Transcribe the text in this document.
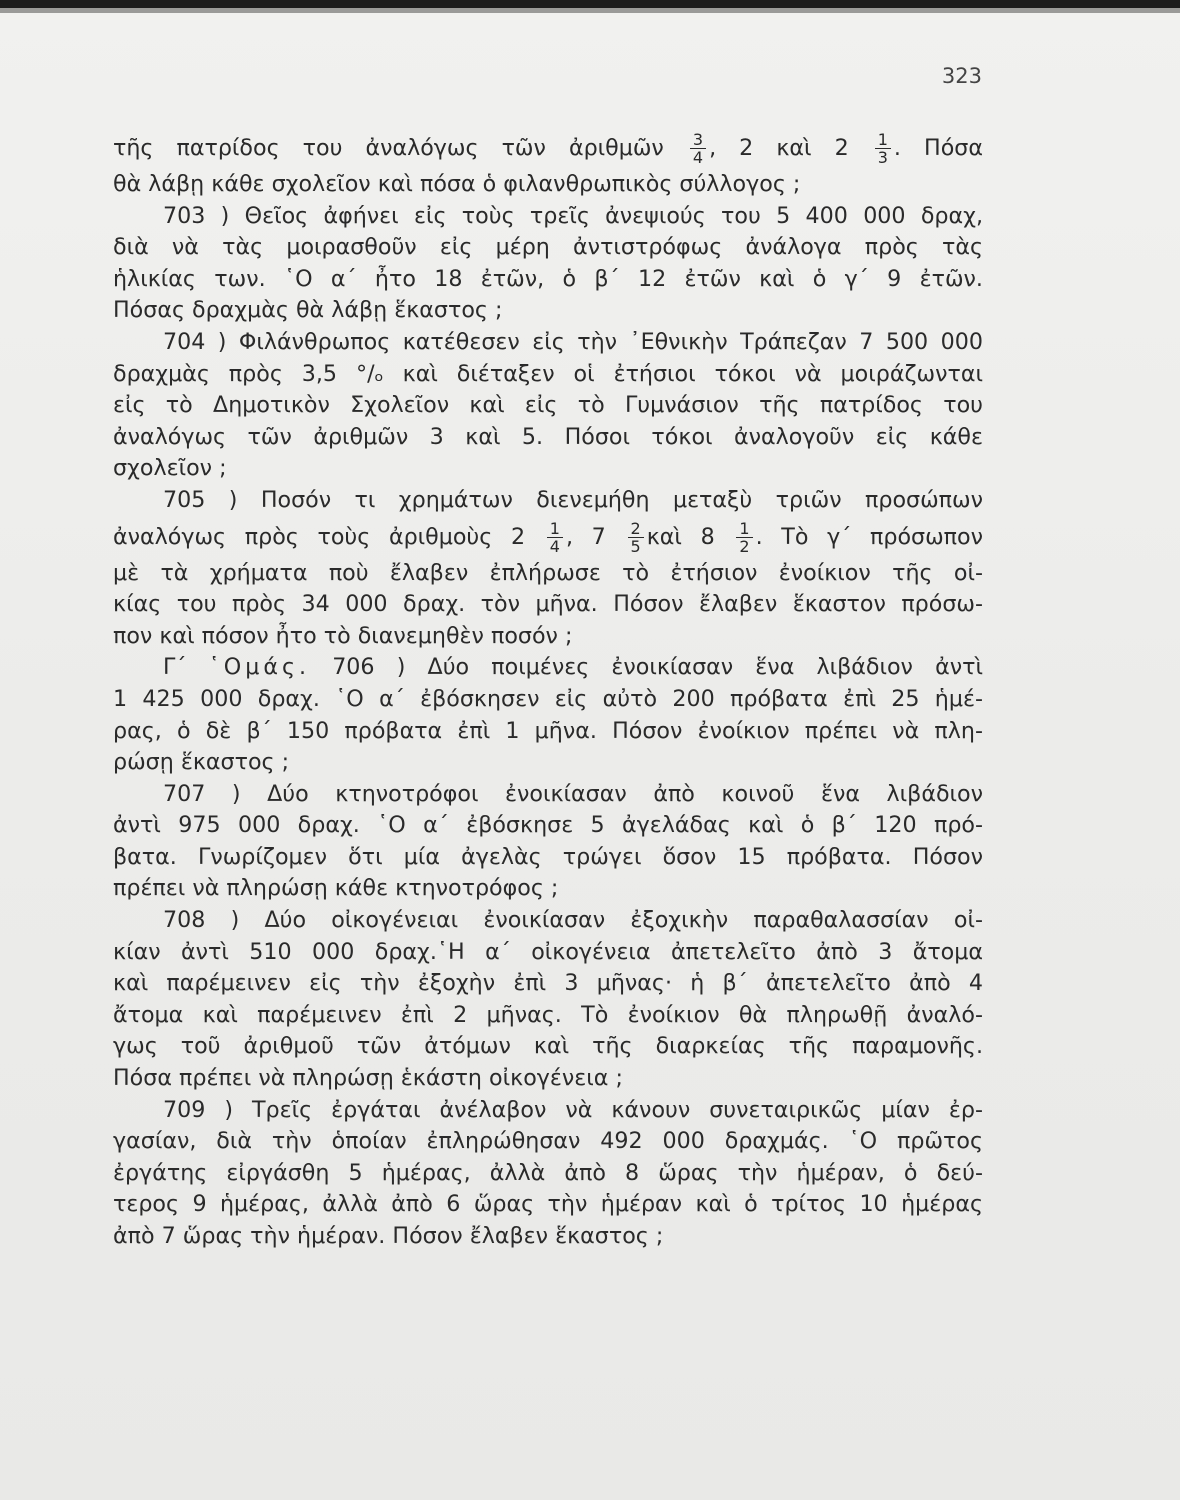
323
τῆς πατρίδος του ἀναλόγως τῶν ἀριθμῶν $\frac{3}{4}$ , 2 καὶ $2 \frac{1}{3}$ . Πόσα
θὰ λάβῃ κάθε σχολεῖον καὶ πόσα ὁ φιλανθρωπικὸς σύλλογος ;
703 ) Θεῖος ἀφήνει εἰς τοὺς τρεῖς ἀνεψιούς του 5 400 000 δραχ,
διὰ νὰ τὰς μοιρασθοῦν εἰς μέρη ἀντιστρόφως ἀνάλογα πρὸς τὰς
ἡλικίας των. ῾Ο α΄ ἦτο 18 ἐτῶν, ὁ β΄ 12 ἐτῶν καὶ ὁ γ΄ 9 ἐτῶν.
Πόσας δραχμὰς θὰ λάβῃ ἕκαστος ;
704 ) Φιλάνθρωπος κατέθεσεν εἰς τὴν ᾿Εθνικὴν Τράπεζαν 7 500 000
δραχμὰς πρὸς 3,5 °/ₒ καὶ διέταξεν οἱ ἐτήσιοι τόκοι νὰ μοιράζωνται
εἰς τὸ Δημοτικὸν Σχολεῖον καὶ εἰς τὸ Γυμνάσιον τῆς πατρίδος του
ἀναλόγως τῶν ἀριθμῶν 3 καὶ 5. Πόσοι τόκοι ἀναλογοῦν εἰς κάθε
σχολεῖον ;
705 ) Ποσόν τι χρημάτων διενεμήθη μεταξὺ τριῶν προσώπων
ἀναλόγως πρὸς τοὺς ἀριθμοὺς $2 \frac{1}{4}$ , $7 \frac{2}{5}$ καὶ $8 \frac{1}{2}$ . Τὸ γ΄ πρόσωπον
μὲ τὰ χρήματα ποὺ ἔλαβεν ἐπλήρωσε τὸ ἐτήσιον ἐνοίκιον τῆς οἰ-
κίας του πρὸς 34 000 δραχ. τὸν μῆνα. Πόσον ἔλαβεν ἕκαστον πρόσω-
πον καὶ πόσον ἦτο τὸ διανεμηθὲν ποσόν ;
Γ΄ ῾Ομάς. 706 ) Δύο ποιμένες ἐνοικίασαν ἕνα λιβάδιον ἀντὶ
1 425 000 δραχ. ῾Ο α΄ ἐβόσκησεν εἰς αὐτὸ 200 πρόβατα ἐπὶ 25 ἡμέ-
ρας, ὁ δὲ β΄ 150 πρόβατα ἐπὶ 1 μῆνα. Πόσον ἐνοίκιον πρέπει νὰ πλη-
ρώσῃ ἕκαστος ;
707 ) Δύο κτηνοτρόφοι ἐνοικίασαν ἀπὸ κοινοῦ ἕνα λιβάδιον
ἀντὶ 975 000 δραχ. ῾Ο α΄ ἐβόσκησε 5 ἀγελάδας καὶ ὁ β΄ 120 πρό-
βατα. Γνωρίζομεν ὅτι μία ἀγελὰς τρώγει ὅσον 15 πρόβατα. Πόσον
πρέπει νὰ πληρώσῃ κάθε κτηνοτρόφος ;
708 ) Δύο οἰκογένειαι ἐνοικίασαν ἐξοχικὴν παραθαλασσίαν οἰ-
κίαν ἀντὶ 510 000 δραχ.῾Η α΄ οἰκογένεια ἀπετελεῖτο ἀπὸ 3 ἄτομα
καὶ παρέμεινεν εἰς τὴν ἐξοχὴν ἐπὶ 3 μῆνας· ἡ β΄ ἀπετελεῖτο ἀπὸ 4
ἄτομα καὶ παρέμεινεν ἐπὶ 2 μῆνας. Τὸ ἐνοίκιον θὰ πληρωθῇ ἀναλό-
γως τοῦ ἀριθμοῦ τῶν ἀτόμων καὶ τῆς διαρκείας τῆς παραμονῆς.
Πόσα πρέπει νὰ πληρώσῃ ἑκάστη οἰκογένεια ;
709 ) Τρεῖς ἐργάται ἀνέλαβον νὰ κάνουν συνεταιρικῶς μίαν ἐρ-
γασίαν, διὰ τὴν ὁποίαν ἐπληρώθησαν 492 000 δραχμάς. ῾Ο πρῶτος
ἐργάτης εἰργάσθη 5 ἡμέρας, ἀλλὰ ἀπὸ 8 ὥρας τὴν ἡμέραν, ὁ δεύ-
τερος 9 ἡμέρας, ἀλλὰ ἀπὸ 6 ὥρας τὴν ἡμέραν καὶ ὁ τρίτος 10 ἡμέρας
ἀπὸ 7 ὥρας τὴν ἡμέραν. Πόσον ἔλαβεν ἕκαστος ;
